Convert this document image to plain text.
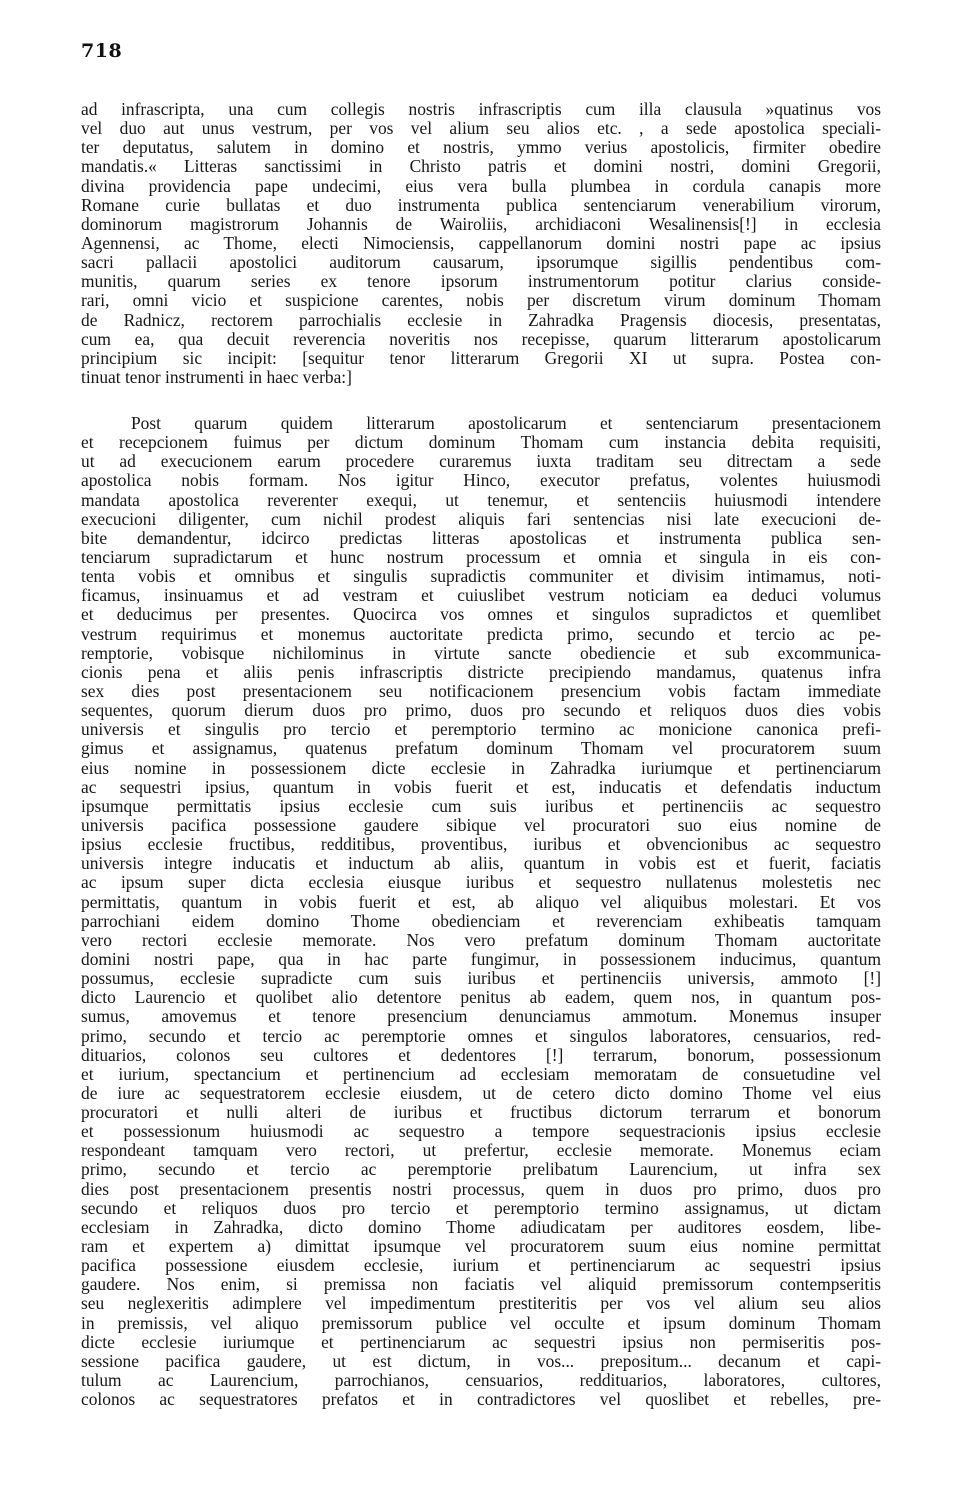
718
ad infrascripta, una cum collegis nostris infrascriptis cum illa clausula »quatinus vos
vel duo aut unus vestrum, per vos vel alium seu alios etc. , a sede apostolica speciali-
ter deputatus, salutem in domino et nostris, ymmo verius apostolicis, firmiter obedire
mandatis.« Litteras sanctissimi in Christo patris et domini nostri, domini Gregorii,
divina providencia pape undecimi, eius vera bulla plumbea in cordula canapis more
Romane curie bullatas et duo instrumenta publica sentenciarum venerabilium virorum,
dominorum magistrorum Johannis de Wairoliis, archidiaconi Wesalinensis[!] in ecclesia
Agennensi, ac Thome, electi Nimociensis, cappellanorum domini nostri pape ac ipsius
sacri pallacii apostolici auditorum causarum, ipsorumque sigillis pendentibus com-
munitis, quarum series ex tenore ipsorum instrumentorum potitur clarius conside-
rari, omni vicio et suspicione carentes, nobis per discretum virum dominum Thomam
de Radnicz, rectorem parrochialis ecclesie in Zahradka Pragensis diocesis, presentatas,
cum ea, qua decuit reverencia noveritis nos recepisse, quarum litterarum apostolicarum
principium sic incipit: [sequitur tenor litterarum Gregorii XI ut supra. Postea con-
tinuat tenor instrumenti in haec verba:]
Post quarum quidem litterarum apostolicarum et sentenciarum presentacionem
et recepcionem fuimus per dictum dominum Thomam cum instancia debita requisiti,
ut ad execucionem earum procedere curaremus iuxta traditam seu ditrectam a sede
apostolica nobis formam. Nos igitur Hinco, executor prefatus, volentes huiusmodi
mandata apostolica reverenter exequi, ut tenemur, et sentenciis huiusmodi intendere
execucioni diligenter, cum nichil prodest aliquis fari sentencias nisi late execucioni de-
bite demandentur, idcirco predictas litteras apostolicas et instrumenta publica sen-
tenciarum supradictarum et hunc nostrum processum et omnia et singula in eis con-
tenta vobis et omnibus et singulis supradictis communiter et divisim intimamus, noti-
ficamus, insinuamus et ad vestram et cuiuslibet vestrum noticiam ea deduci volumus
et deducimus per presentes. Quocirca vos omnes et singulos supradictos et quemlibet
vestrum requirimus et monemus auctoritate predicta primo, secundo et tercio ac pe-
remptorie, vobisque nichilominus in virtute sancte obediencie et sub excommunica-
cionis pena et aliis penis infrascriptis districte precipiendo mandamus, quatenus infra
sex dies post presentacionem seu notificacionem presencium vobis factam immediate
sequentes, quorum dierum duos pro primo, duos pro secundo et reliquos duos dies vobis
universis et singulis pro tercio et peremptorio termino ac monicione canonica prefi-
gimus et assignamus, quatenus prefatum dominum Thomam vel procuratorem suum
eius nomine in possessionem dicte ecclesie in Zahradka iuriumque et pertinenciarum
ac sequestri ipsius, quantum in vobis fuerit et est, inducatis et defendatis inductum
ipsumque permittatis ipsius ecclesie cum suis iuribus et pertinenciis ac sequestro
universis pacifica possessione gaudere sibique vel procuratori suo eius nomine de
ipsius ecclesie fructibus, redditibus, proventibus, iuribus et obvencionibus ac sequestro
universis integre inducatis et inductum ab aliis, quantum in vobis est et fuerit, faciatis
ac ipsum super dicta ecclesia eiusque iuribus et sequestro nullatenus molestetis nec
permittatis, quantum in vobis fuerit et est, ab aliquo vel aliquibus molestari. Et vos
parrochiani eidem domino Thome obedienciam et reverenciam exhibeatis tamquam
vero rectori ecclesie memorate. Nos vero prefatum dominum Thomam auctoritate
domini nostri pape, qua in hac parte fungimur, in possessionem inducimus, quantum
possumus, ecclesie supradicte cum suis iuribus et pertinenciis universis, ammoto [!]
dicto Laurencio et quolibet alio detentore penitus ab eadem, quem nos, in quantum pos-
sumus, amovemus et tenore presencium denunciamus ammotum. Monemus insuper
primo, secundo et tercio ac peremptorie omnes et singulos laboratores, censuarios, red-
dituarios, colonos seu cultores et dedentores [!] terrarum, bonorum, possessionum
et iurium, spectancium et pertinencium ad ecclesiam memoratam de consuetudine vel
de iure ac sequestratorem ecclesie eiusdem, ut de cetero dicto domino Thome vel eius
procuratori et nulli alteri de iuribus et fructibus dictorum terrarum et bonorum
et possessionum huiusmodi ac sequestro a tempore sequestracionis ipsius ecclesie
respondeant tamquam vero rectori, ut prefertur, ecclesie memorate. Monemus eciam
primo, secundo et tercio ac peremptorie prelibatum Laurencium, ut infra sex
dies post presentacionem presentis nostri processus, quem in duos pro primo, duos pro
secundo et reliquos duos pro tercio et peremptorio termino assignamus, ut dictam
ecclesiam in Zahradka, dicto domino Thome adiudicatam per auditores eosdem, libe-
ram et expertem a) dimittat ipsumque vel procuratorem suum eius nomine permittat
pacifica possessione eiusdem ecclesie, iurium et pertinenciarum ac sequestri ipsius
gaudere. Nos enim, si premissa non faciatis vel aliquid premissorum contempseritis
seu neglexeritis adimplere vel impedimentum prestiteritis per vos vel alium seu alios
in premissis, vel aliquo premissorum publice vel occulte et ipsum dominum Thomam
dicte ecclesie iuriumque et pertinenciarum ac sequestri ipsius non permiseritis pos-
sessione pacifica gaudere, ut est dictum, in vos... prepositum... decanum et capi-
tulum ac Laurencium, parrochianos, censuarios, reddituarios, laboratores, cultores,
colonos ac sequestratores prefatos et in contradictores vel quoslibet et rebelles, pre-
